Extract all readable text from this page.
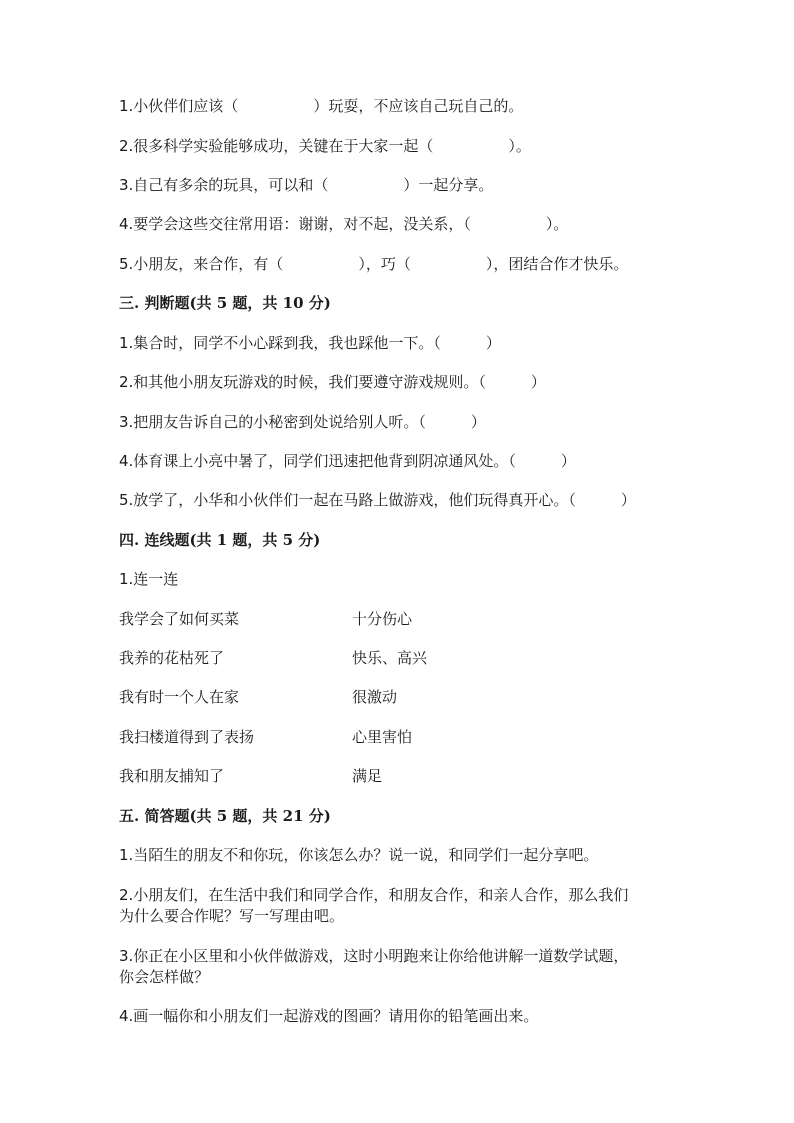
1.小伙伴们应该（　　　　　）玩耍，不应该自己玩自己的。
2.很多科学实验能够成功，关键在于大家一起（　　　　　）。
3.自己有多余的玩具，可以和（　　　　　）一起分享。
4.要学会这些交往常用语：谢谢，对不起，没关系，（　　　　　）。
5.小朋友，来合作，有（　　　　　），巧（　　　　　），团结合作才快乐。
三. 判断题(共 5 题，共 10 分)
1.集合时，同学不小心踩到我，我也踩他一下。（　　　）
2.和其他小朋友玩游戏的时候，我们要遵守游戏规则。（　　　）
3.把朋友告诉自己的小秘密到处说给别人听。（　　　）
4.体育课上小亮中暑了，同学们迅速把他背到阴凉通风处。（　　　）
5.放学了，小华和小伙伴们一起在马路上做游戏，他们玩得真开心。（　　　）
四. 连线题(共 1 题，共 5 分)
1.连一连
我学会了如何买菜	十分伤心
我养的花枯死了	快乐、高兴
我有时一个人在家	很激动
我扫楼道得到了表扬	心里害怕
我和朋友捕知了	满足
五. 简答题(共 5 题，共 21 分)
1.当陌生的朋友不和你玩，你该怎么办？说一说，和同学们一起分享吧。
2.小朋友们，在生活中我们和同学合作，和朋友合作，和亲人合作，那么我们
为什么要合作呢？写一写理由吧。
3.你正在小区里和小伙伴做游戏，这时小明跑来让你给他讲解一道数学试题，
你会怎样做？
4.画一幅你和小朋友们一起游戏的图画？请用你的铅笔画出来。
